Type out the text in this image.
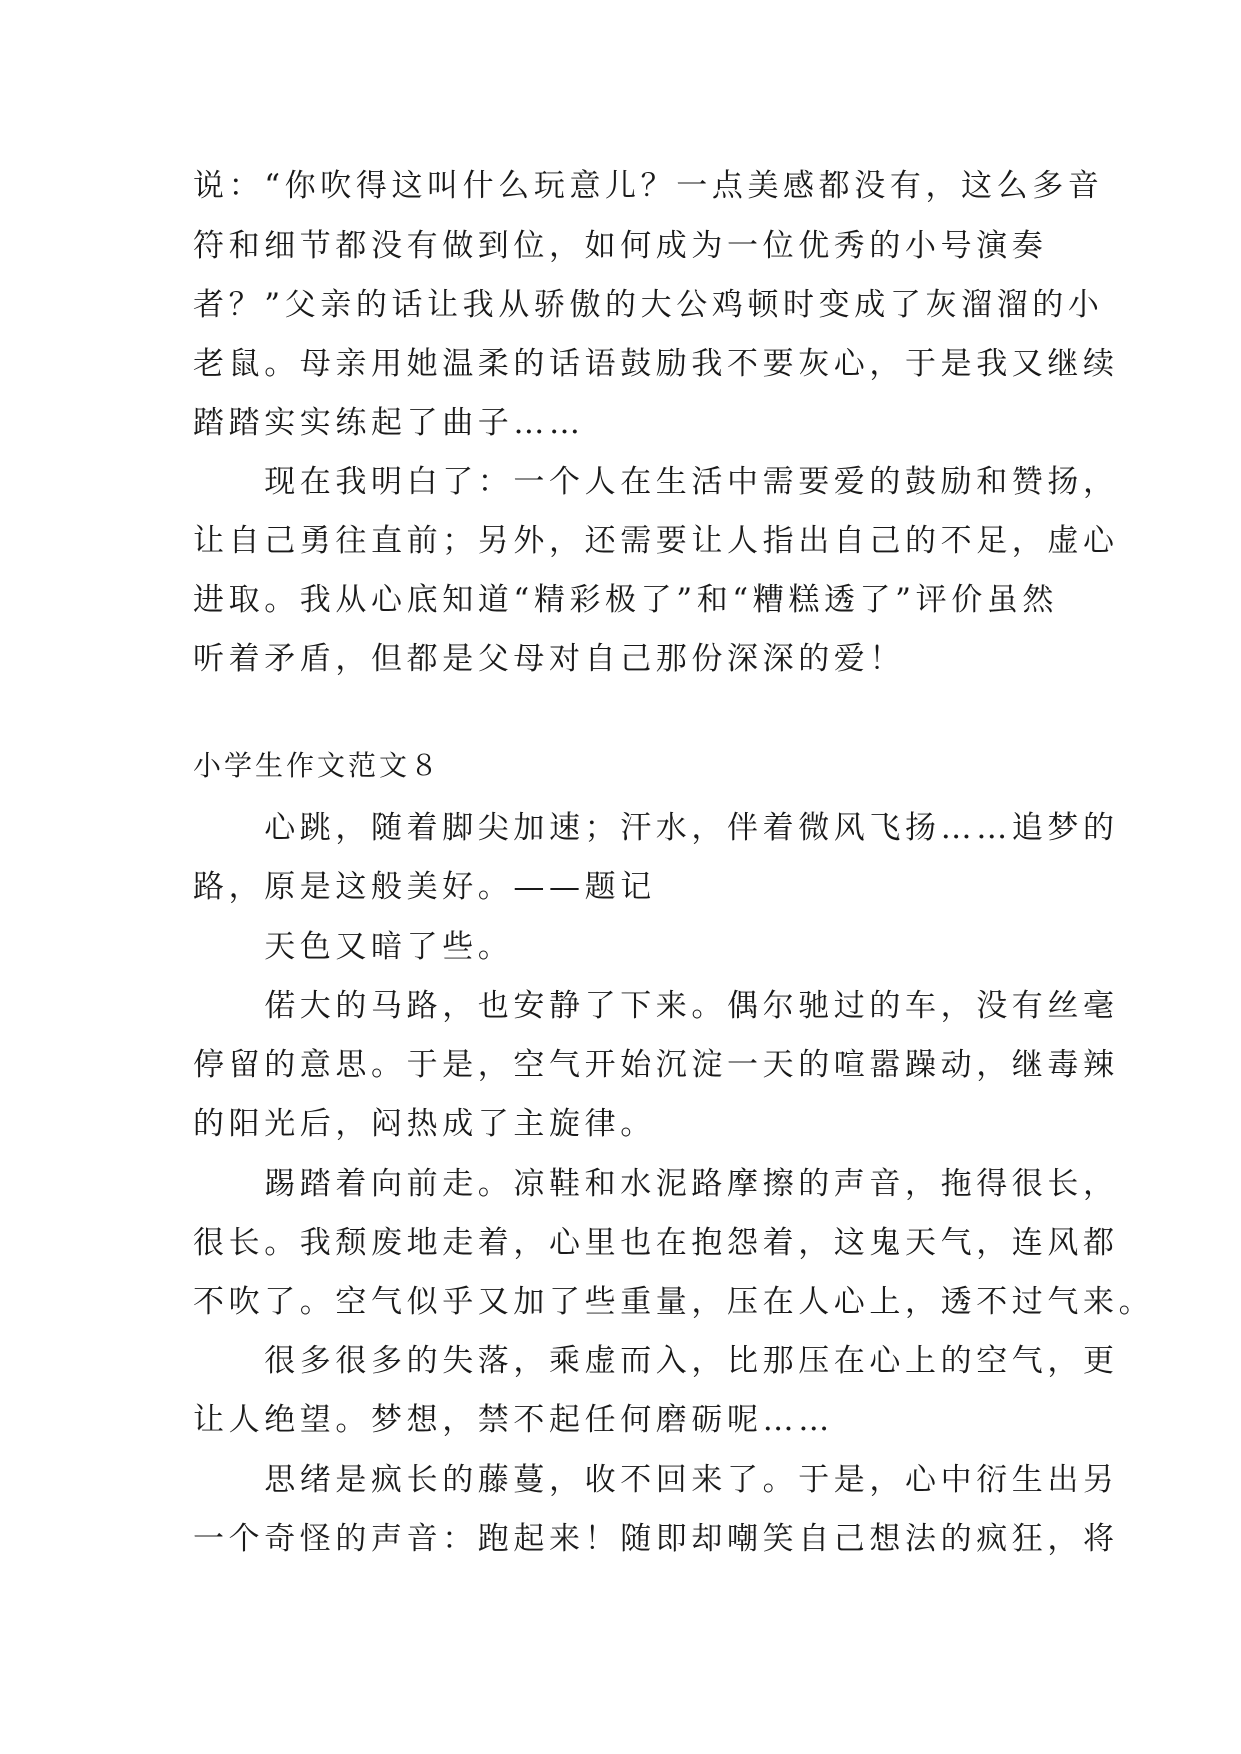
说：“你吹得这叫什么玩意儿？一点美感都没有，这么多音

符和细节都没有做到位，如何成为一位优秀的小号演奏

者？”父亲的话让我从骄傲的大公鸡顿时变成了灰溜溜的小

老鼠。母亲用她温柔的话语鼓励我不要灰心，于是我又继续

踏踏实实练起了曲子……

　　现在我明白了：一个人在生活中需要爱的鼓励和赞扬，

让自己勇往直前；另外，还需要让人指出自己的不足，虚心

进取。我从心底知道“精彩极了”和“糟糕透了”评价虽然

听着矛盾，但都是父母对自己那份深深的爱！

小学生作文范文８

　　心跳，随着脚尖加速；汗水，伴着微风飞扬……追梦的

路，原是这般美好。——题记

　　天色又暗了些。

　　偌大的马路，也安静了下来。偶尔驰过的车，没有丝毫

停留的意思。于是，空气开始沉淀一天的喧嚣躁动，继毒辣

的阳光后，闷热成了主旋律。

　　踢踏着向前走。凉鞋和水泥路摩擦的声音，拖得很长，

很长。我颓废地走着，心里也在抱怨着，这鬼天气，连风都

不吹了。空气似乎又加了些重量，压在人心上，透不过气来。

　　很多很多的失落，乘虚而入，比那压在心上的空气，更

让人绝望。梦想，禁不起任何磨砺呢……

　　思绪是疯长的藤蔓，收不回来了。于是，心中衍生出另

一个奇怪的声音：跑起来！随即却嘲笑自己想法的疯狂，将
